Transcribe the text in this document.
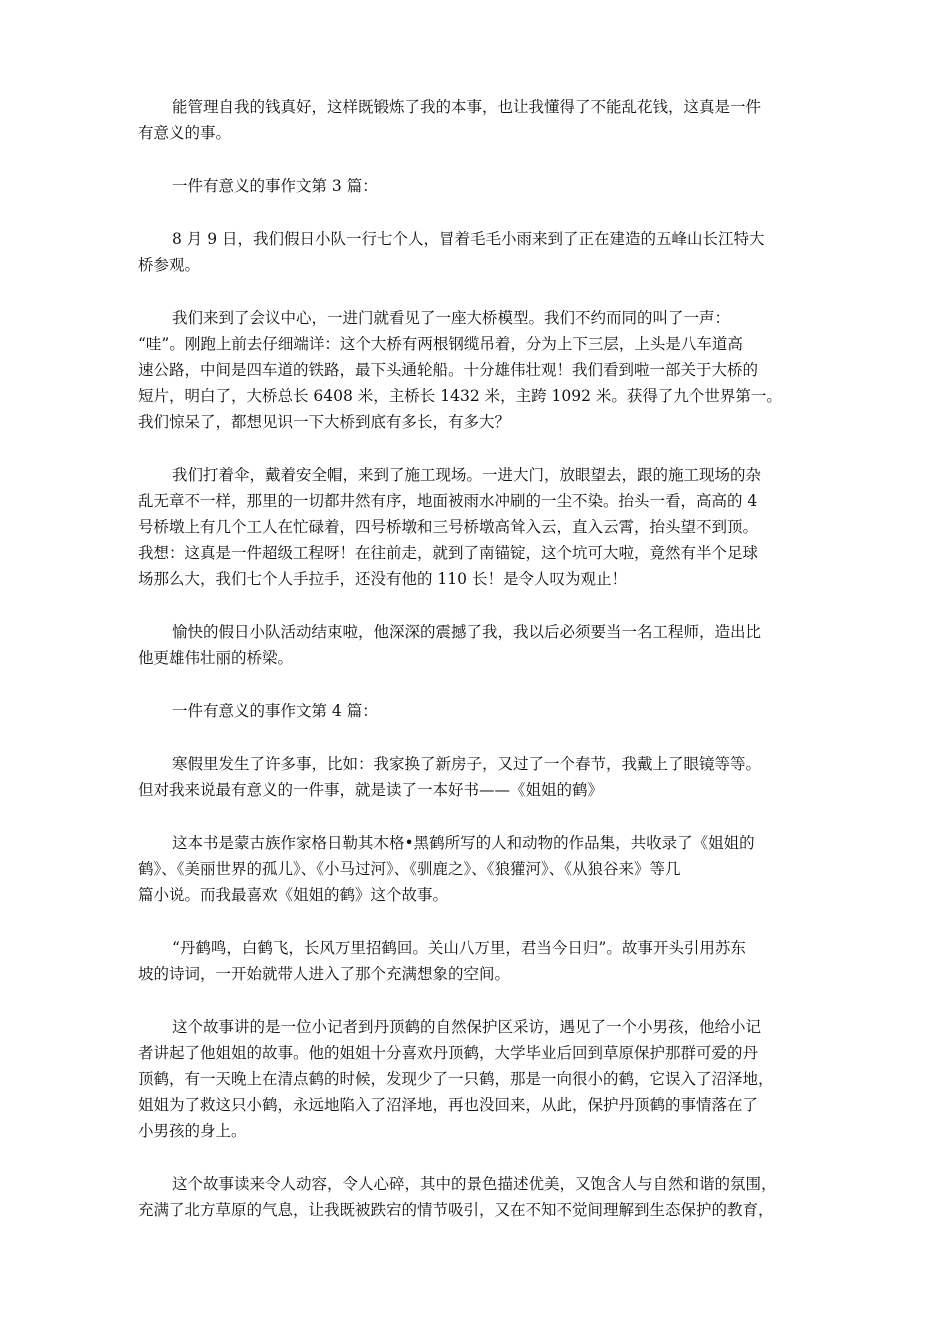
能管理自我的钱真好，这样既锻炼了我的本事，也让我懂得了不能乱花钱，这真是一件
有意义的事。
一件有意义的事作文第 3 篇：
8 月 9 日，我们假日小队一行七个人，冒着毛毛小雨来到了正在建造的五峰山长江特大
桥参观。
我们来到了会议中心，一进门就看见了一座大桥模型。我们不约而同的叫了一声：
“哇”。刚跑上前去仔细端详：这个大桥有两根钢缆吊着，分为上下三层，上头是八车道高
速公路，中间是四车道的铁路，最下头通轮船。十分雄伟壮观！我们看到啦一部关于大桥的
短片，明白了，大桥总长 6408 米，主桥长 1432 米，主跨 1092 米。获得了九个世界第一。
我们惊呆了，都想见识一下大桥到底有多长，有多大？
我们打着伞，戴着安全帽，来到了施工现场。一进大门，放眼望去，跟的施工现场的杂
乱无章不一样，那里的一切都井然有序，地面被雨水冲刷的一尘不染。抬头一看，高高的 4
号桥墩上有几个工人在忙碌着，四号桥墩和三号桥墩高耸入云，直入云霄，抬头望不到顶。
我想：这真是一件超级工程呀！在往前走，就到了南锚锭，这个坑可大啦，竟然有半个足球
场那么大，我们七个人手拉手，还没有他的 110 长！是令人叹为观止！
愉快的假日小队活动结束啦，他深深的震撼了我，我以后必须要当一名工程师，造出比
他更雄伟壮丽的桥梁。
一件有意义的事作文第 4 篇：
寒假里发生了许多事，比如：我家换了新房子，又过了一个春节，我戴上了眼镜等等。
但对我来说最有意义的一件事，就是读了一本好书——《姐姐的鹤》
这本书是蒙古族作家格日勒其木格•黑鹤所写的人和动物的作品集，共收录了《姐姐的
鹤》、《美丽世界的孤儿》、《小马过河》、《驯鹿之》、《狼獾河》、《从狼谷来》等几
篇小说。而我最喜欢《姐姐的鹤》这个故事。
“丹鹤鸣，白鹤飞，长风万里招鹤回。关山八万里，君当今日归”。故事开头引用苏东
坡的诗词，一开始就带人进入了那个充满想象的空间。
这个故事讲的是一位小记者到丹顶鹤的自然保护区采访，遇见了一个小男孩，他给小记
者讲起了他姐姐的故事。他的姐姐十分喜欢丹顶鹤，大学毕业后回到草原保护那群可爱的丹
顶鹤，有一天晚上在清点鹤的时候，发现少了一只鹤，那是一向很小的鹤，它误入了沼泽地，
姐姐为了救这只小鹤，永远地陷入了沼泽地，再也没回来，从此，保护丹顶鹤的事情落在了
小男孩的身上。
这个故事读来令人动容，令人心碎，其中的景色描述优美，又饱含人与自然和谐的氛围，
充满了北方草原的气息，让我既被跌宕的情节吸引，又在不知不觉间理解到生态保护的教育，
